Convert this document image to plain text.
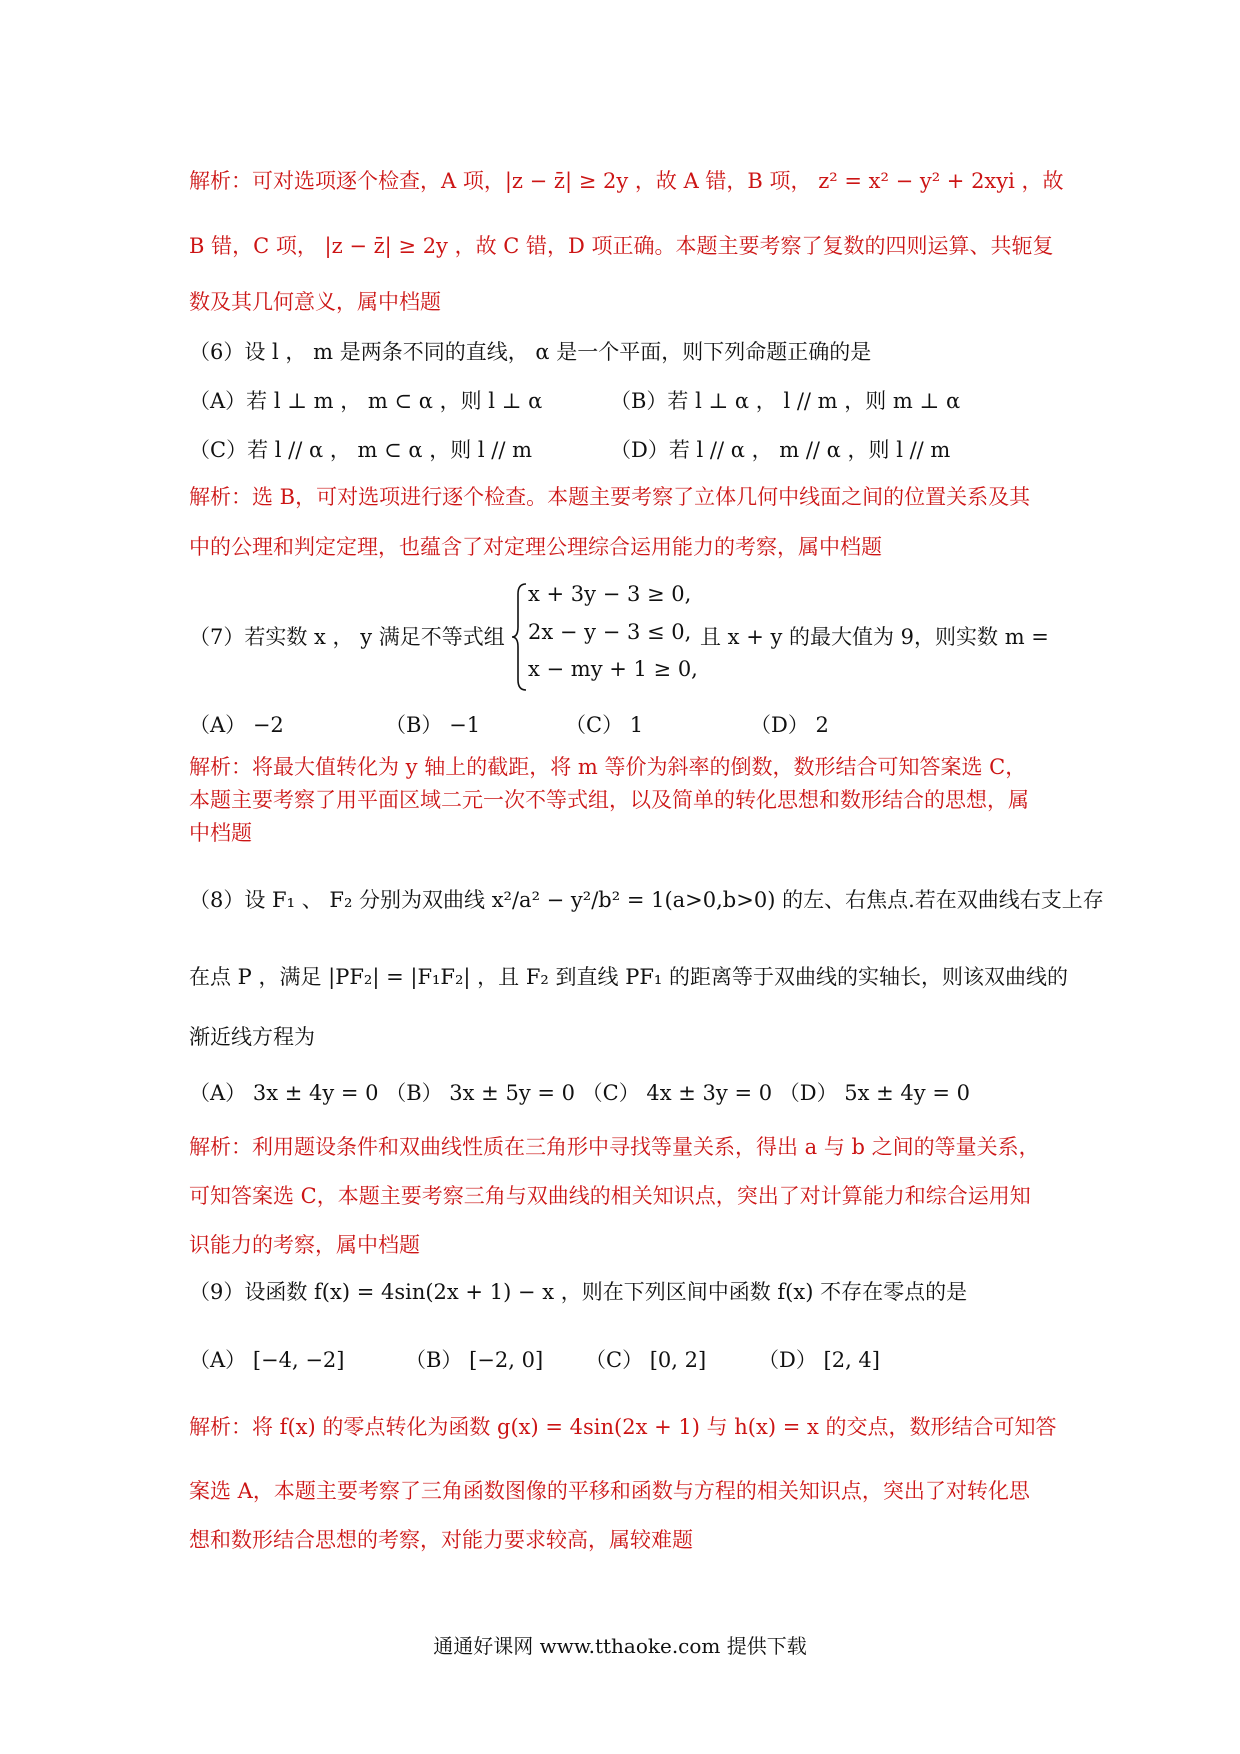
解析：可对选项逐个检查，A 项，|z − z̄| ≥ 2y ，故 A 错，B 项， z² = x² − y² + 2xyi ，故
B 错，C 项， |z − z̄| ≥ 2y ，故 C 错，D 项正确。本题主要考察了复数的四则运算、共轭复
数及其几何意义，属中档题
（6）设 l ， m 是两条不同的直线， α 是一个平面，则下列命题正确的是
（A）若 l ⊥ m ， m ⊂ α ，则 l ⊥ α	（B）若 l ⊥ α ， l // m ，则 m ⊥ α
（C）若 l // α ， m ⊂ α ，则 l // m	（D）若 l // α ， m // α ，则 l // m
解析：选 B，可对选项进行逐个检查。本题主要考察了立体几何中线面之间的位置关系及其
中的公理和判定定理，也蕴含了对定理公理综合运用能力的考察，属中档题
（7）若实数 x ， y 满足不等式组
x + 3y − 3 ≥ 0,
2x − y − 3 ≤ 0,
x − my + 1 ≥ 0,
且 x + y 的最大值为 9，则实数 m =
（A） −2	（B） −1	（C） 1	（D） 2
解析：将最大值转化为 y 轴上的截距，将 m 等价为斜率的倒数，数形结合可知答案选 C，
本题主要考察了用平面区域二元一次不等式组，以及简单的转化思想和数形结合的思想，属
中档题
（8）设 F₁ 、 F₂ 分别为双曲线 x²/a² − y²/b² = 1(a>0,b>0) 的左、右焦点.若在双曲线右支上存
在点 P ，满足 |PF₂| = |F₁F₂| ，且 F₂ 到直线 PF₁ 的距离等于双曲线的实轴长，则该双曲线的
渐近线方程为
（A） 3x ± 4y = 0 （B） 3x ± 5y = 0 （C） 4x ± 3y = 0 （D） 5x ± 4y = 0
解析：利用题设条件和双曲线性质在三角形中寻找等量关系，得出 a 与 b 之间的等量关系，
可知答案选 C，本题主要考察三角与双曲线的相关知识点，突出了对计算能力和综合运用知
识能力的考察，属中档题
（9）设函数 f(x) = 4sin(2x + 1) − x ，则在下列区间中函数 f(x) 不存在零点的是
（A） [−4, −2]	（B） [−2, 0] （C） [0, 2] （D） [2, 4]
解析：将 f(x) 的零点转化为函数 g(x) = 4sin(2x + 1) 与 h(x) = x 的交点，数形结合可知答
案选 A，本题主要考察了三角函数图像的平移和函数与方程的相关知识点，突出了对转化思
想和数形结合思想的考察，对能力要求较高，属较难题
通通好课网 www.tthaoke.com 提供下载
